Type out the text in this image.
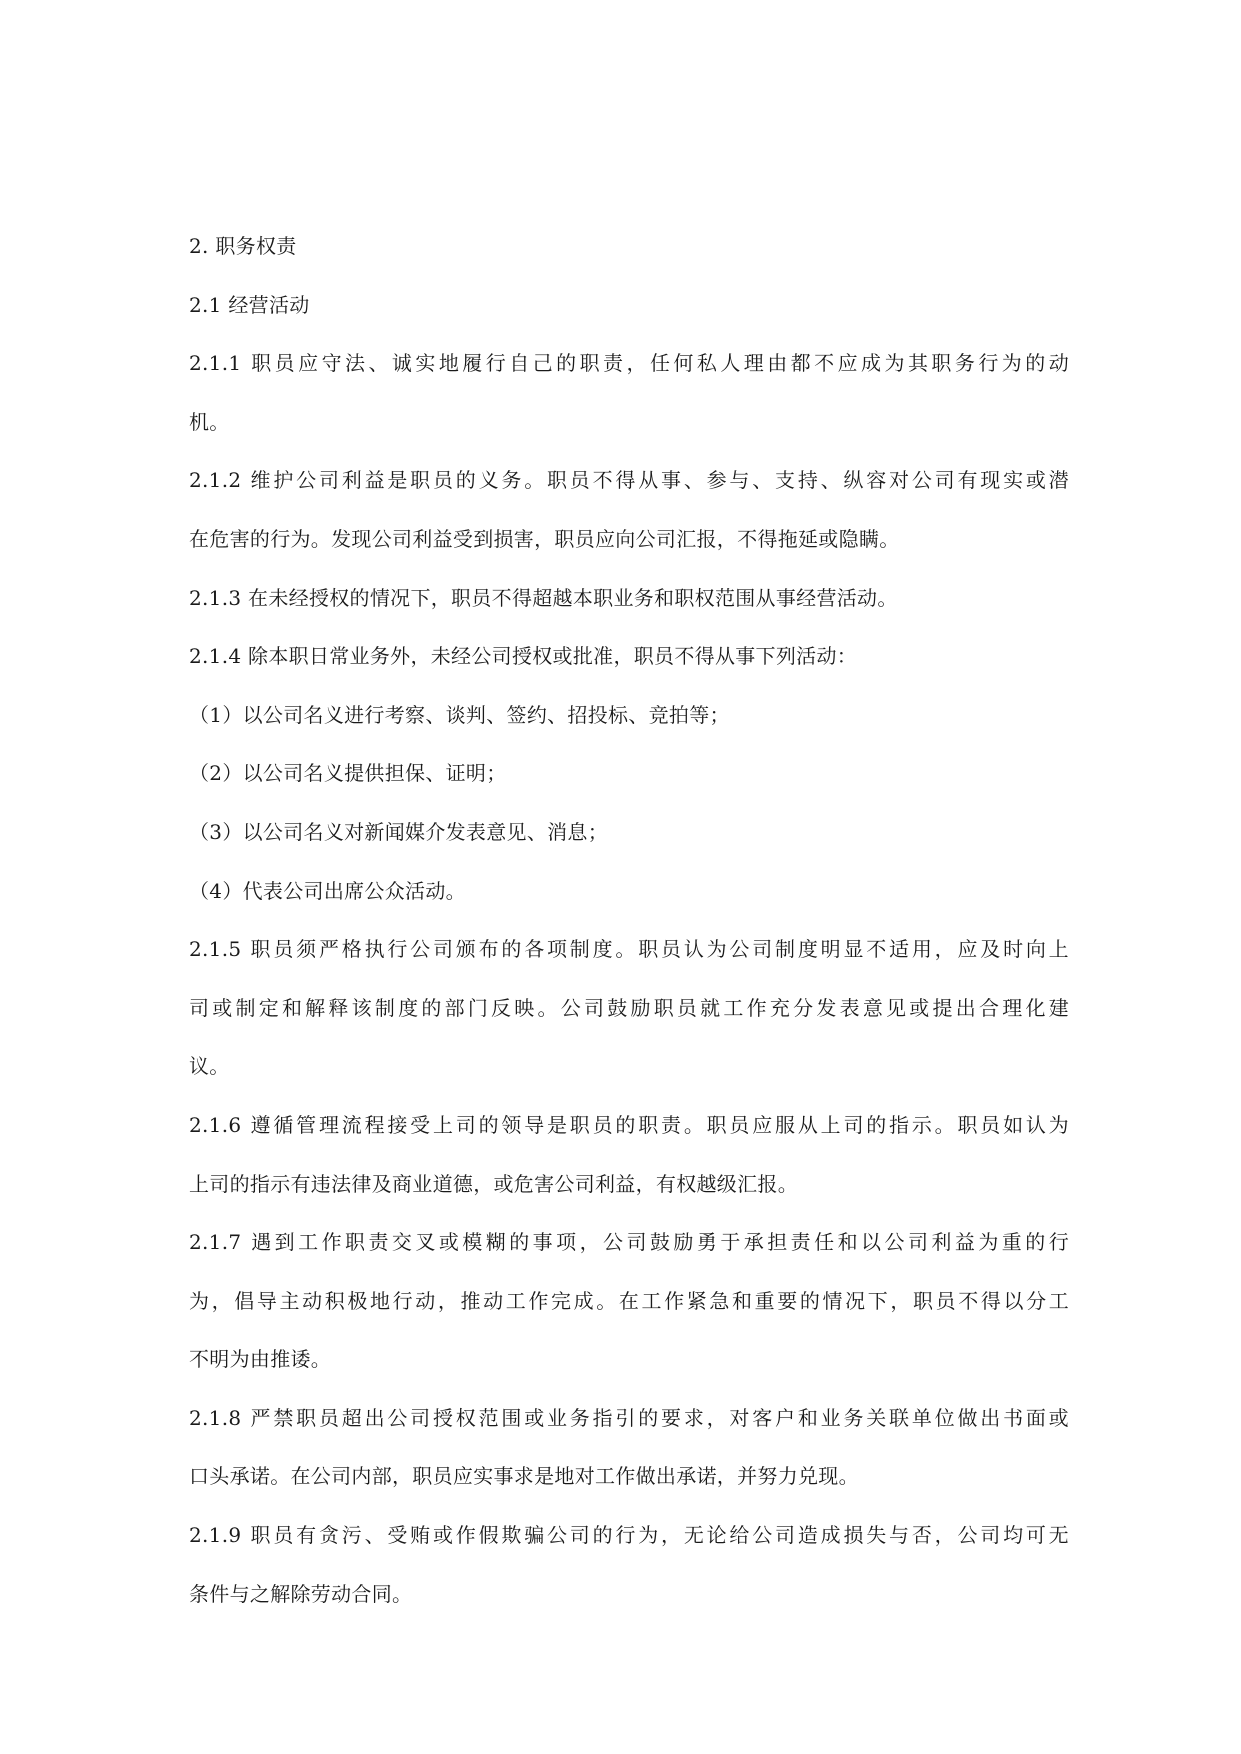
2. 职务权责
2.1 经营活动
2.1.1 职员应守法、诚实地履行自己的职责，任何私人理由都不应成为其职务行为的动
机。
2.1.2 维护公司利益是职员的义务。职员不得从事、参与、支持、纵容对公司有现实或潜
在危害的行为。发现公司利益受到损害，职员应向公司汇报，不得拖延或隐瞒。
2.1.3 在未经授权的情况下，职员不得超越本职业务和职权范围从事经营活动。
2.1.4 除本职日常业务外，未经公司授权或批准，职员不得从事下列活动：
（1）以公司名义进行考察、谈判、签约、招投标、竞拍等；
（2）以公司名义提供担保、证明；
（3）以公司名义对新闻媒介发表意见、消息；
（4）代表公司出席公众活动。
2.1.5 职员须严格执行公司颁布的各项制度。职员认为公司制度明显不适用，应及时向上
司或制定和解释该制度的部门反映。公司鼓励职员就工作充分发表意见或提出合理化建
议。
2.1.6 遵循管理流程接受上司的领导是职员的职责。职员应服从上司的指示。职员如认为
上司的指示有违法律及商业道德，或危害公司利益，有权越级汇报。
2.1.7 遇到工作职责交叉或模糊的事项，公司鼓励勇于承担责任和以公司利益为重的行
为，倡导主动积极地行动，推动工作完成。在工作紧急和重要的情况下，职员不得以分工
不明为由推诿。
2.1.8 严禁职员超出公司授权范围或业务指引的要求，对客户和业务关联单位做出书面或
口头承诺。在公司内部，职员应实事求是地对工作做出承诺，并努力兑现。
2.1.9 职员有贪污、受贿或作假欺骗公司的行为，无论给公司造成损失与否，公司均可无
条件与之解除劳动合同。
